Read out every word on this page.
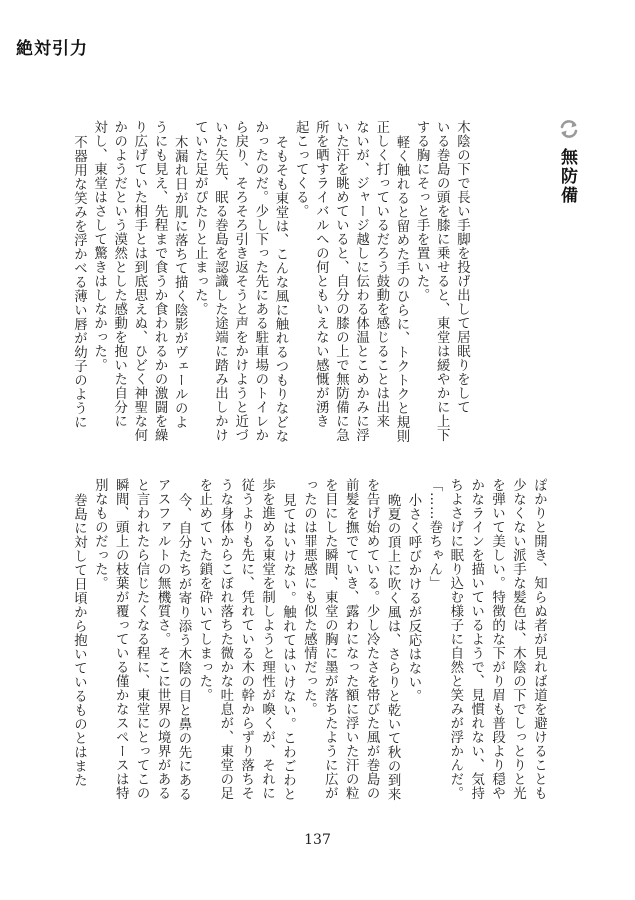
絶対引力
無防備
137
木陰の下で長い手脚を投げ出して居眠りをして
いる巻島の頭を膝に乗せると、東堂は緩やかに上下
する胸にそっと手を置いた。
軽く触れると留めた手のひらに、トクトクと規則
正しく打っているだろう鼓動を感じることは出来
ないが、ジャージ越しに伝わる体温とこめかみに浮
いた汗を眺めていると、自分の膝の上で無防備に急
所を晒すライバルへの何ともいえない感慨が湧き
起こってくる。
そもそも東堂は、こんな風に触れるつもりなどな
かったのだ。少し下った先にある駐車場のトイレか
ら戻り、そろそろ引き返そうと声をかけようと近づ
いた矢先、眠る巻島を認識した途端に踏み出しかけ
ていた足がぴたりと止まった。
木漏れ日が肌に落ちて描く陰影がヴェールのよ
うにも見え、先程まで食うか食われるかの激闘を繰
り広げていた相手とは到底思えぬ、ひどく神聖な何
かのようだという漠然とした感動を抱いた自分に
対し、東堂はさして驚きはしなかった。
不器用な笑みを浮かべる薄い唇が幼子のように
ぽかりと開き、知らぬ者が見れば道を避けることも
少なくない派手な髪色は、木陰の下でしっとりと光
を弾いて美しい。特徴的な下がり眉も普段より穏や
かなラインを描いているようで、見慣れない、気持
ちよさげに眠り込む様子に自然と笑みが浮かんだ。
「……巻ちゃん」
小さく呼びかけるが反応はない。
晩夏の頂上に吹く風は、さらりと乾いて秋の到来
を告げ始めている。少し冷たさを帯びた風が巻島の
前髪を撫でていき、露わになった額に浮いた汗の粒
を目にした瞬間、東堂の胸に墨が落ちたように広が
ったのは罪悪感にも似た感情だった。
見てはいけない。触れてはいけない。こわごわと
歩を進める東堂を制しようと理性が喚くが、それに
従うよりも先に、凭れている木の幹からずり落ちそ
うな身体からこぼれ落ちた微かな吐息が、東堂の足
を止めていた鎖を砕いてしまった。
今、自分たちが寄り添う木陰の目と鼻の先にある
アスファルトの無機質さ。そこに世界の境界がある
と言われたら信じたくなる程に、東堂にとってこの
瞬間、頭上の枝葉が覆っている僅かなスペースは特
別なものだった。
巻島に対して日頃から抱いているものとはまた
